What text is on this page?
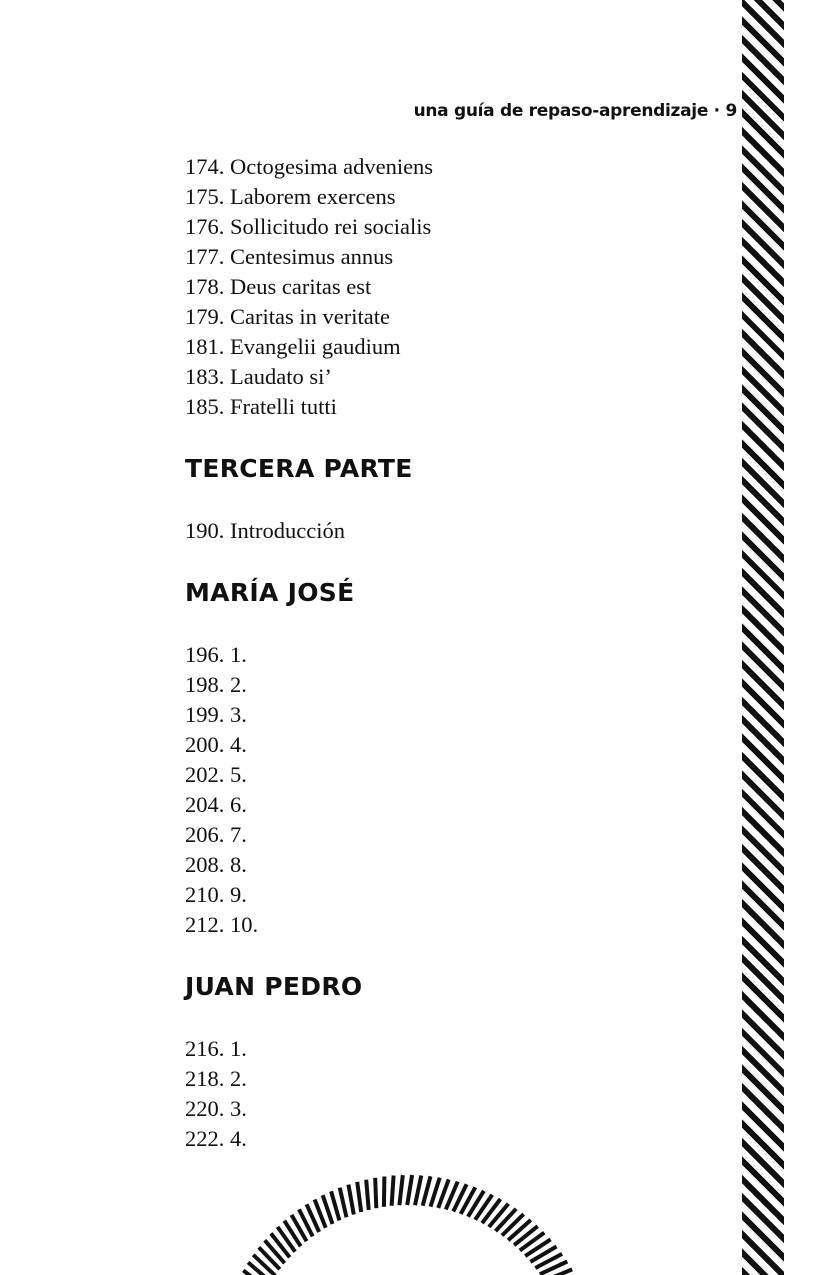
una guía de repaso-aprendizaje · 9
174. Octogesima adveniens
175. Laborem exercens
176. Sollicitudo rei socialis
177. Centesimus annus
178. Deus caritas est
179. Caritas in veritate
181. Evangelii gaudium
183. Laudato si’
185. Fratelli tutti
TERCERA PARTE
190. Introducción
MARÍA JOSÉ
196. 1.
198. 2.
199. 3.
200. 4.
202. 5.
204. 6.
206. 7.
208. 8.
210. 9.
212. 10.
JUAN PEDRO
216. 1.
218. 2.
220. 3.
222. 4.
